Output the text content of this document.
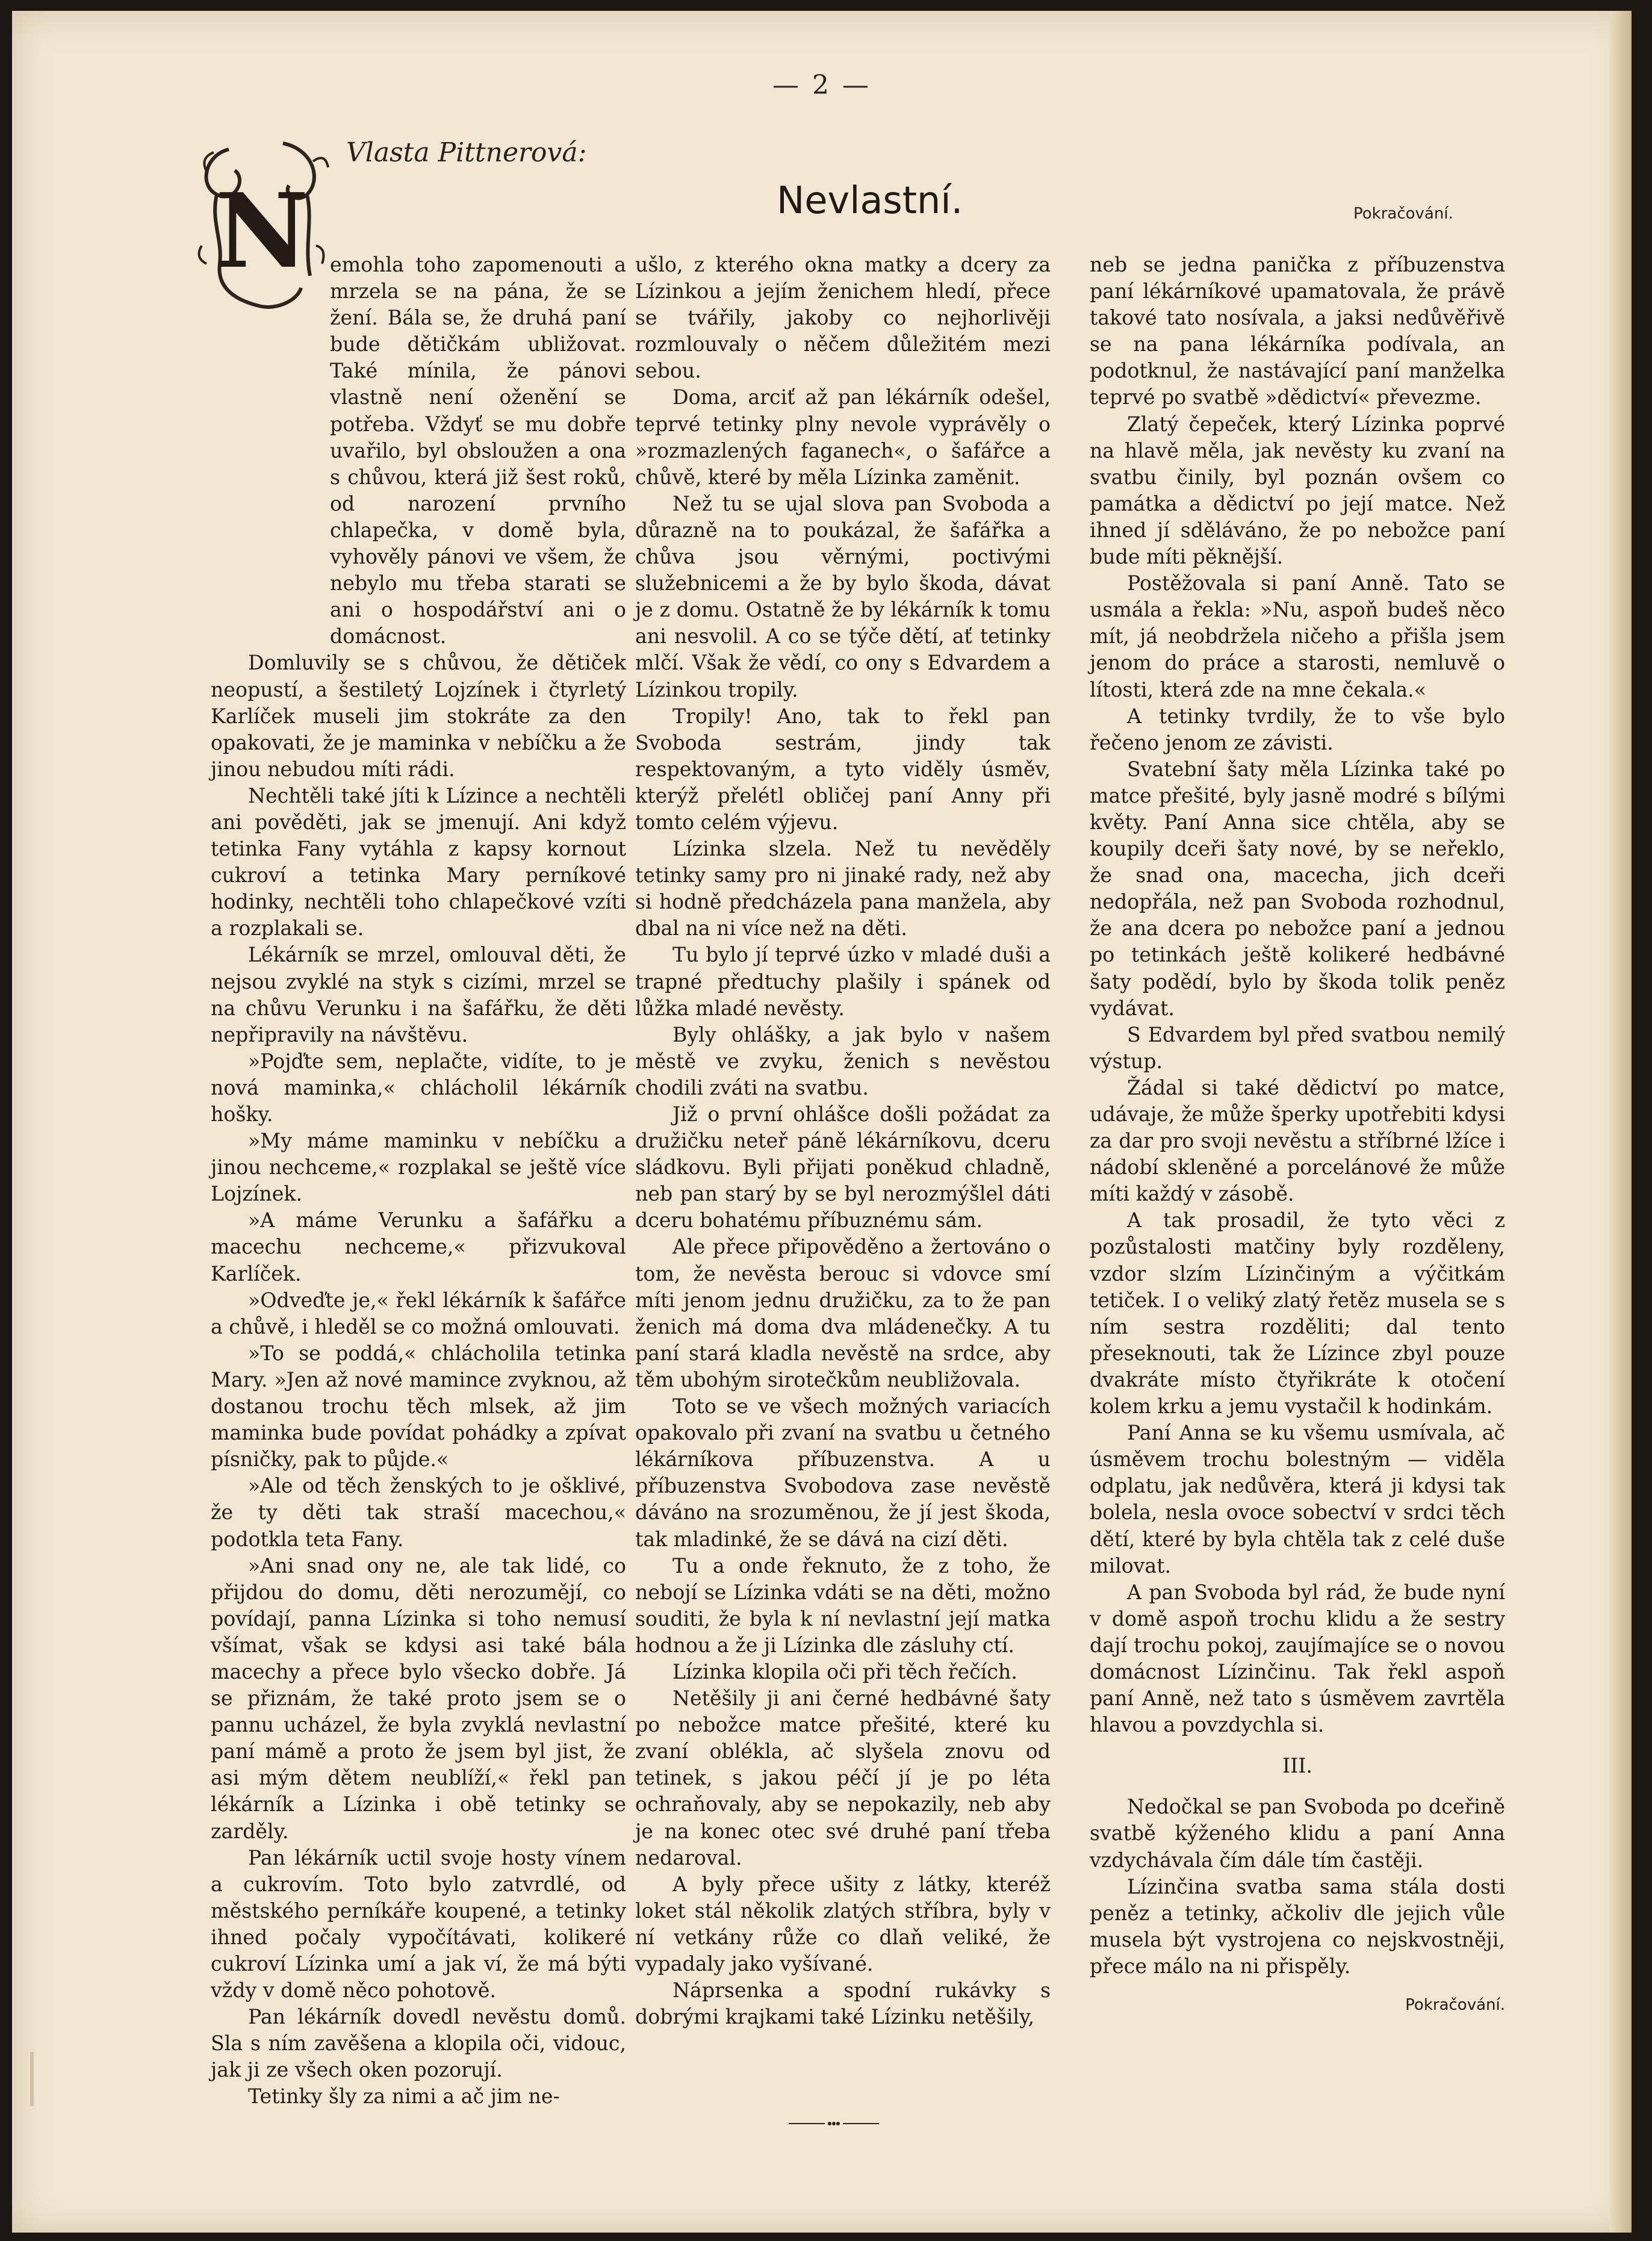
— 2 —
N
Vlasta Pittnerová:
Nevlastní.	Pokračování.

emohla toho zapomenouti a mrzela se na pána, že se žení. Bála se, že druhá paní bude dětičkám ubližovat. Také mínila, že pánovi vlastně není oženění se potřeba. Vždyť se mu dobře uvařilo, byl obsloužen a ona s chůvou, která již šest roků, od narození prvního chlapečka, v domě byla, vyhověly pánovi ve všem, že nebylo mu třeba starati se ani o hospodářství ani o domácnost.

Domluvily se s chůvou, že dětiček neopustí, a šestiletý Lojzínek i čtyrletý Karlíček museli jim stokráte za den opakovati, že je maminka v nebíčku a že jinou nebudou míti rádi.

Nechtěli také jíti k Lízince a nechtěli ani pověděti, jak se jmenují. Ani když tetinka Fany vytáhla z kapsy kornout cukroví a tetinka Mary perníkové hodinky, nechtěli toho chlapečkové vzíti a rozplakali se.

Lékárník se mrzel, omlouval děti, že nejsou zvyklé na styk s cizími, mrzel se na chůvu Verunku i na šafářku, že děti nepřipravily na návštěvu.

»Pojďte sem, neplačte, vidíte, to je nová maminka,« chlácholil lékárník hošky.

»My máme maminku v nebíčku a jinou nechceme,« rozplakal se ještě více Lojzínek.

»A máme Verunku a šafářku a macechu nechceme,« přizvukoval Karlíček.

»Odveďte je,« řekl lékárník k šafářce a chůvě, i hleděl se co možná omlouvati.

»To se poddá,« chlácholila tetinka Mary. »Jen až nové mamince zvyknou, až dostanou trochu těch mlsek, až jim maminka bude povídat pohádky a zpívat písničky, pak to půjde.«

»Ale od těch ženských to je ošklivé, že ty děti tak straší macechou,« podotkla teta Fany.

»Ani snad ony ne, ale tak lidé, co přijdou do domu, děti nerozumějí, co povídají, panna Lízinka si toho nemusí všímat, však se kdysi asi také bála macechy a přece bylo všecko dobře. Já se přiznám, že také proto jsem se o pannu ucházel, že byla zvyklá nevlastní paní mámě a proto že jsem byl jist, že asi mým dětem neublíží,« řekl pan lékárník a Lízinka i obě tetinky se zarděly.

Pan lékárník uctil svoje hosty vínem a cukrovím. Toto bylo zatvrdlé, od městského perníkáře koupené, a tetinky ihned počaly vypočítávati, kolikeré cukroví Lízinka umí a jak ví, že má býti vždy v domě něco pohotově.

Pan lékárník dovedl nevěstu domů. Sla s ním zavěšena a klopila oči, vidouc, jak ji ze všech oken pozorují.

Tetinky šly za nimi a ač jim ne-

ušlo, z kterého okna matky a dcery za Lízinkou a jejím ženichem hledí, přece se tvářily, jakoby co nejhorlivěji rozmlouvaly o něčem důležitém mezi sebou.

Doma, arciť až pan lékárník odešel, teprvé tetinky plny nevole vyprávěly o »rozmazlených faganech«, o šafářce a chůvě, které by měla Lízinka zaměnit.

Než tu se ujal slova pan Svoboda a důrazně na to poukázal, že šafářka a chůva jsou věrnými, poctivými služebnicemi a že by bylo škoda, dávat je z domu. Ostatně že by lékárník k tomu ani nesvolil. A co se týče dětí, ať tetinky mlčí. Však že vědí, co ony s Edvardem a Lízinkou tropily.

Tropily! Ano, tak to řekl pan Svoboda sestrám, jindy tak respektovaným, a tyto viděly úsměv, kterýž přelétl obličej paní Anny při tomto celém výjevu.

Lízinka slzela. Než tu nevěděly tetinky samy pro ni jinaké rady, než aby si hodně předcházela pana manžela, aby dbal na ni více než na děti.

Tu bylo jí teprvé úzko v mladé duši a trapné předtuchy plašily i spánek od lůžka mladé nevěsty.

Byly ohlášky, a jak bylo v našem městě ve zvyku, ženich s nevěstou chodili zváti na svatbu.

Již o první ohlášce došli požádat za družičku neteř páně lékárníkovu, dceru sládkovu. Byli přijati poněkud chladně, neb pan starý by se byl nerozmýšlel dáti dceru bohatému příbuznému sám.

Ale přece připověděno a žertováno o tom, že nevěsta berouc si vdovce smí míti jenom jednu družičku, za to že pan ženich má doma dva mládenečky. A tu paní stará kladla nevěstě na srdce, aby těm ubohým sirotečkům neubližovala.

Toto se ve všech možných variacích opakovalo při zvaní na svatbu u četného lékárníkova příbuzenstva. A u příbuzenstva Svobodova zase nevěstě dáváno na srozuměnou, že jí jest škoda, tak mladinké, že se dává na cizí děti.

Tu a onde řeknuto, že z toho, že nebojí se Lízinka vdáti se na děti, možno souditi, že byla k ní nevlastní její matka hodnou a že ji Lízinka dle zásluhy ctí.

Lízinka klopila oči při těch řečích.

Netěšily ji ani černé hedbávné šaty po nebožce matce přešité, které ku zvaní oblékla, ač slyšela znovu od tetinek, s jakou péčí jí je po léta ochraňovaly, aby se nepokazily, neb aby je na konec otec své druhé paní třeba nedaroval.

A byly přece ušity z látky, kteréž loket stál několik zlatých stříbra, byly v ní vetkány růže co dlaň veliké, že vypadaly jako vyšívané.

Náprsenka a spodní rukávky s dobrými krajkami také Lízinku netěšily,

neb se jedna panička z příbuzenstva paní lékárníkové upamatovala, že právě takové tato nosívala, a jaksi nedůvěřivě se na pana lékárníka podívala, an podotknul, že nastávající paní manželka teprvé po svatbě »dědictví« převezme.

Zlatý čepeček, který Lízinka poprvé na hlavě měla, jak nevěsty ku zvaní na svatbu činily, byl poznán ovšem co památka a dědictví po její matce. Než ihned jí sděláváno, že po nebožce paní bude míti pěknější.

Postěžovala si paní Anně. Tato se usmála a řekla: »Nu, aspoň budeš něco mít, já neobdržela ničeho a přišla jsem jenom do práce a starosti, nemluvě o lítosti, která zde na mne čekala.«

A tetinky tvrdily, že to vše bylo řečeno jenom ze závisti.

Svatební šaty měla Lízinka také po matce přešité, byly jasně modré s bílými květy. Paní Anna sice chtěla, aby se koupily dceři šaty nové, by se neřeklo, že snad ona, macecha, jich dceři nedopřála, než pan Svoboda rozhodnul, že ana dcera po nebožce paní a jednou po tetinkách ještě kolikeré hedbávné šaty podědí, bylo by škoda tolik peněz vydávat.

S Edvardem byl před svatbou nemilý výstup.

Žádal si také dědictví po matce, udávaje, že může šperky upotřebiti kdysi za dar pro svoji nevěstu a stříbrné lžíce i nádobí skleněné a porcelánové že může míti každý v zásobě.

A tak prosadil, že tyto věci z pozůstalosti matčiny byly rozděleny, vzdor slzím Lízinčiným a výčitkám tetiček. I o veliký zlatý řetěz musela se s ním sestra rozděliti; dal tento přeseknouti, tak že Lízince zbyl pouze dvakráte místo čtyřikráte k otočení kolem krku a jemu vystačil k hodinkám.

Paní Anna se ku všemu usmívala, ač úsměvem trochu bolestným — viděla odplatu, jak nedůvěra, která ji kdysi tak bolela, nesla ovoce sobectví v srdci těch dětí, které by byla chtěla tak z celé duše milovat.

A pan Svoboda byl rád, že bude nyní v domě aspoň trochu klidu a že sestry dají trochu pokoj, zaujímajíce se o novou domácnost Lízinčinu. Tak řekl aspoň paní Anně, než tato s úsměvem zavrtěla hlavou a povzdychla si.

III.

Nedočkal se pan Svoboda po dceřině svatbě kýženého klidu a paní Anna vzdychávala čím dále tím častěji.

Lízinčina svatba sama stála dosti peněz a tetinky, ačkoliv dle jejich vůle musela být vystrojena co nejskvostněji, přece málo na ni přispěly.

Pokračování.
